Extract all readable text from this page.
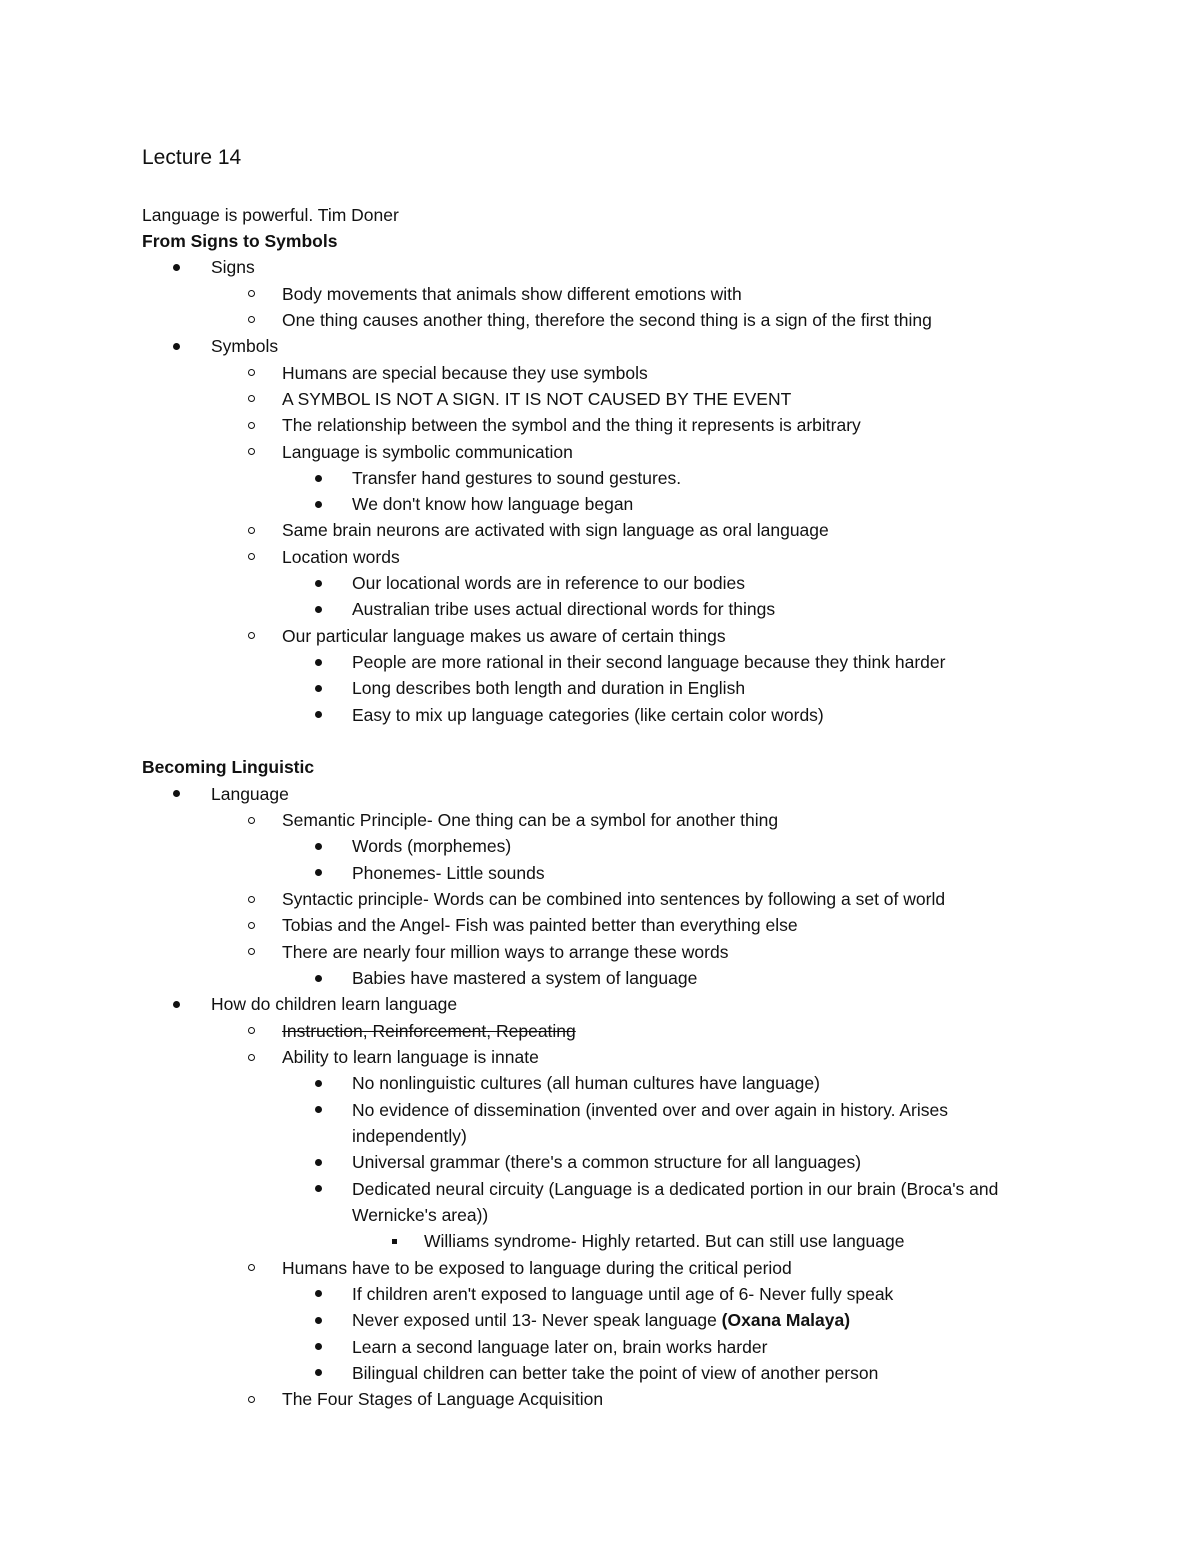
Lecture 14
Language is powerful. Tim Doner
From Signs to Symbols
Signs
Body movements that animals show different emotions with
One thing causes another thing, therefore the second thing is a sign of the first thing
Symbols
Humans are special because they use symbols
A SYMBOL IS NOT A SIGN. IT IS NOT CAUSED BY THE EVENT
The relationship between the symbol and the thing it represents is arbitrary
Language is symbolic communication
Transfer hand gestures to sound gestures.
We don't know how language began
Same brain neurons are activated with sign language as oral language
Location words
Our locational words are in reference to our bodies
Australian tribe uses actual directional words for things
Our particular language makes us aware of certain things
People are more rational in their second language because they think harder
Long describes both length and duration in English
Easy to mix up language categories (like certain color words)
Becoming Linguistic
Language
Semantic Principle- One thing can be a symbol for another thing
Words (morphemes)
Phonemes- Little sounds
Syntactic principle- Words can be combined into sentences by following a set of world
Tobias and the Angel- Fish was painted better than everything else
There are nearly four million ways to arrange these words
Babies have mastered a system of language
How do children learn language
Instruction, Reinforcement, Repeating
Ability to learn language is innate
No nonlinguistic cultures (all human cultures have language)
No evidence of dissemination (invented over and over again in history. Arises independently)
Universal grammar (there's a common structure for all languages)
Dedicated neural circuity (Language is a dedicated portion in our brain (Broca's and Wernicke's area))
Williams syndrome- Highly retarted. But can still use language
Humans have to be exposed to language during the critical period
If children aren't exposed to language until age of 6- Never fully speak
Never exposed until 13- Never speak language (Oxana Malaya)
Learn a second language later on, brain works harder
Bilingual children can better take the point of view of another person
The Four Stages of Language Acquisition
